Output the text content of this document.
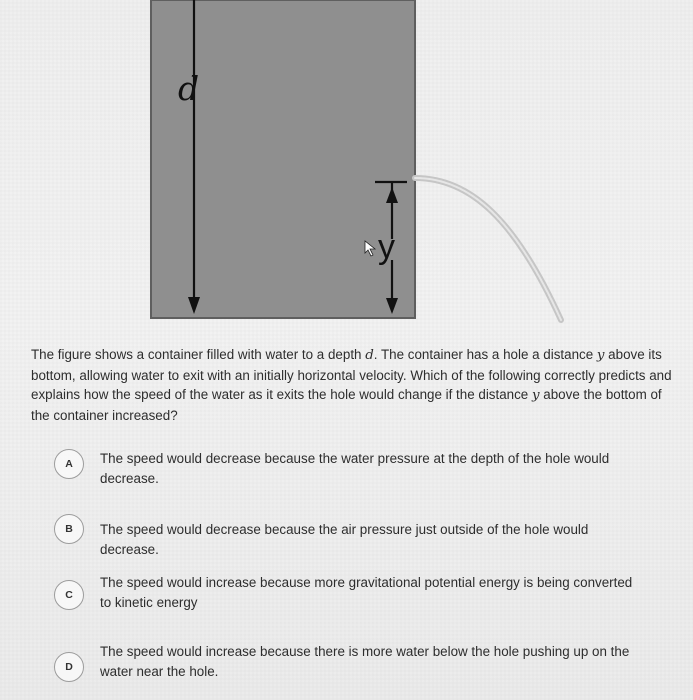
d
y
The figure shows a container filled with water to a depth d. The container has a hole a distance y above its bottom, allowing water to exit with an initially horizontal velocity. Which of the following correctly predicts and explains how the speed of the water as it exits the hole would change if the distance y above the bottom of the container increased?
A	The speed would decrease because the water pressure at the depth of the hole would decrease.
B	The speed would decrease because the air pressure just outside of the hole would decrease.
C
The speed would increase because more gravitational potential energy is being converted to kinetic energy
D
The speed would increase because there is more water below the hole pushing up on the water near the hole.
